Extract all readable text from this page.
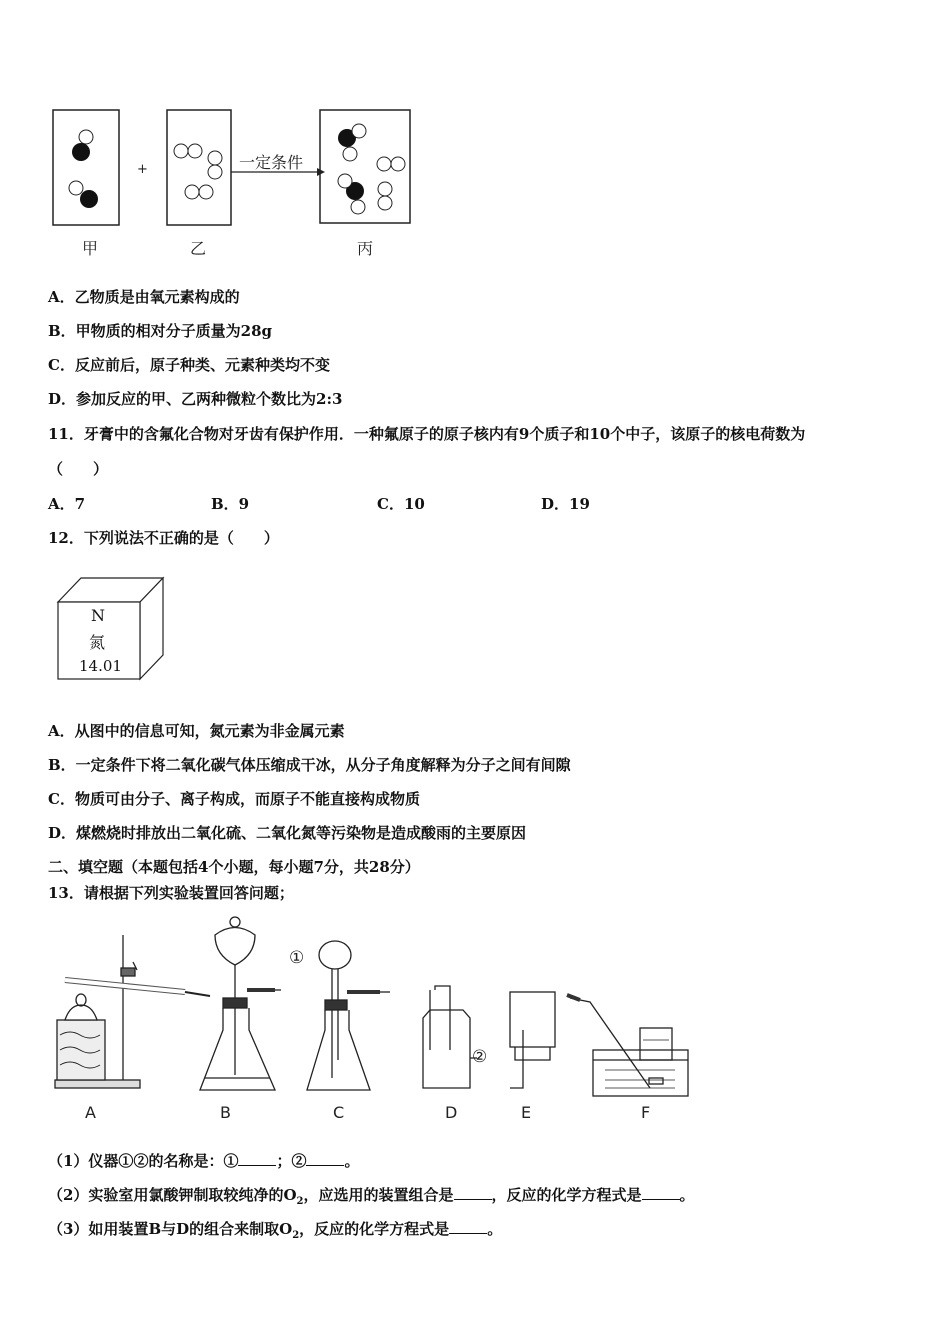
甲
+
乙
一定条件
丙
A．乙物质是由氧元素构成的
B．甲物质的相对分子质量为28g
C．反应前后，原子种类、元素种类均不变
D．参加反应的甲、乙两种微粒个数比为2:3
11．牙膏中的含氟化合物对牙齿有保护作用．一种氟原子的原子核内有9个质子和10个中子，该原子的核电荷数为
（　　）
A．7	B．9	C．10	D．19
12．下列说法不正确的是（　　）
N
氮
14.01
A．从图中的信息可知，氮元素为非金属元素
B．一定条件下将二氧化碳气体压缩成干冰，从分子角度解释为分子之间有间隙
C．物质可由分子、离子构成，而原子不能直接构成物质
D．煤燃烧时排放出二氧化硫、二氧化氮等污染物是造成酸雨的主要原因
二、填空题（本题包括4个小题，每小题7分，共28分）
13．请根据下列实验装置回答问题；
①
②
A	B	C	D	E	F
（1）仪器①②的名称是：①	；②	。
（2）实验室用氯酸钾制取较纯净的$O_2$，应选用的装置组合是	，反应的化学方程式是	。
（3）如用装置B与D的组合来制取$O_2$，反应的化学方程式是	。
